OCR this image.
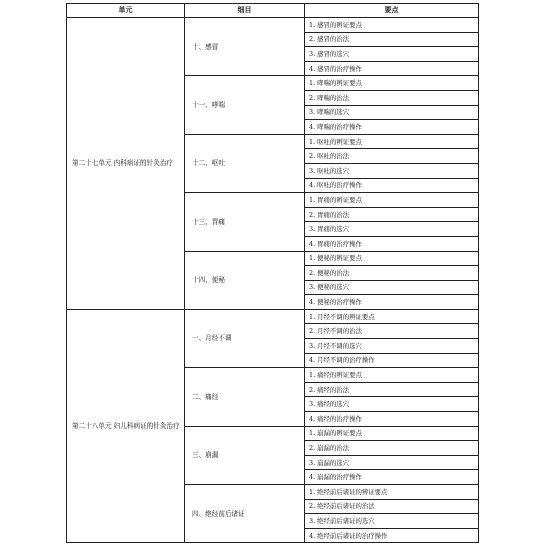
单元	细目	要点
第二十七单元 内科病证的针灸治疗	十、感冒	1. 感冒的辨证要点
		2. 感冒的治法
		3. 感冒的选穴
		4. 感冒的治疗操作
	十一、哮喘	1. 哮喘的辨证要点
		2. 哮喘的治法
		3. 哮喘的选穴
		4. 哮喘的治疗操作
	十二、呕吐	1. 呕吐的辨证要点
		2. 呕吐的治法
		3. 呕吐的选穴
		4. 呕吐的治疗操作
	十三、胃痛	1. 胃痛的辨证要点
		2. 胃痛的治法
		3. 胃痛的选穴
		4. 胃痛的治疗操作
	十四、便秘	1. 便秘的辨证要点
		2. 便秘的治法
		3. 便秘的选穴
		4. 便秘的治疗操作
第二十八单元 妇儿科病证的针灸治疗	一、月经不调	1. 月经不调的辨证要点
		2. 月经不调的治法
		3. 月经不调的选穴
		4. 月经不调的治疗操作
	二、痛经	1. 痛经的辨证要点
		2. 痛经的治法
		3. 痛经的选穴
		4. 痛经的治疗操作
	三、崩漏	1. 崩漏的辨证要点
		2. 崩漏的治法
		3. 崩漏的选穴
		4. 崩漏的治疗操作
	四、绝经前后诸证	1. 绝经前后诸证的辨证要点
		2. 绝经前后诸证的治法
		3. 绝经前后诸证的选穴
		4. 绝经前后诸证的治疗操作
